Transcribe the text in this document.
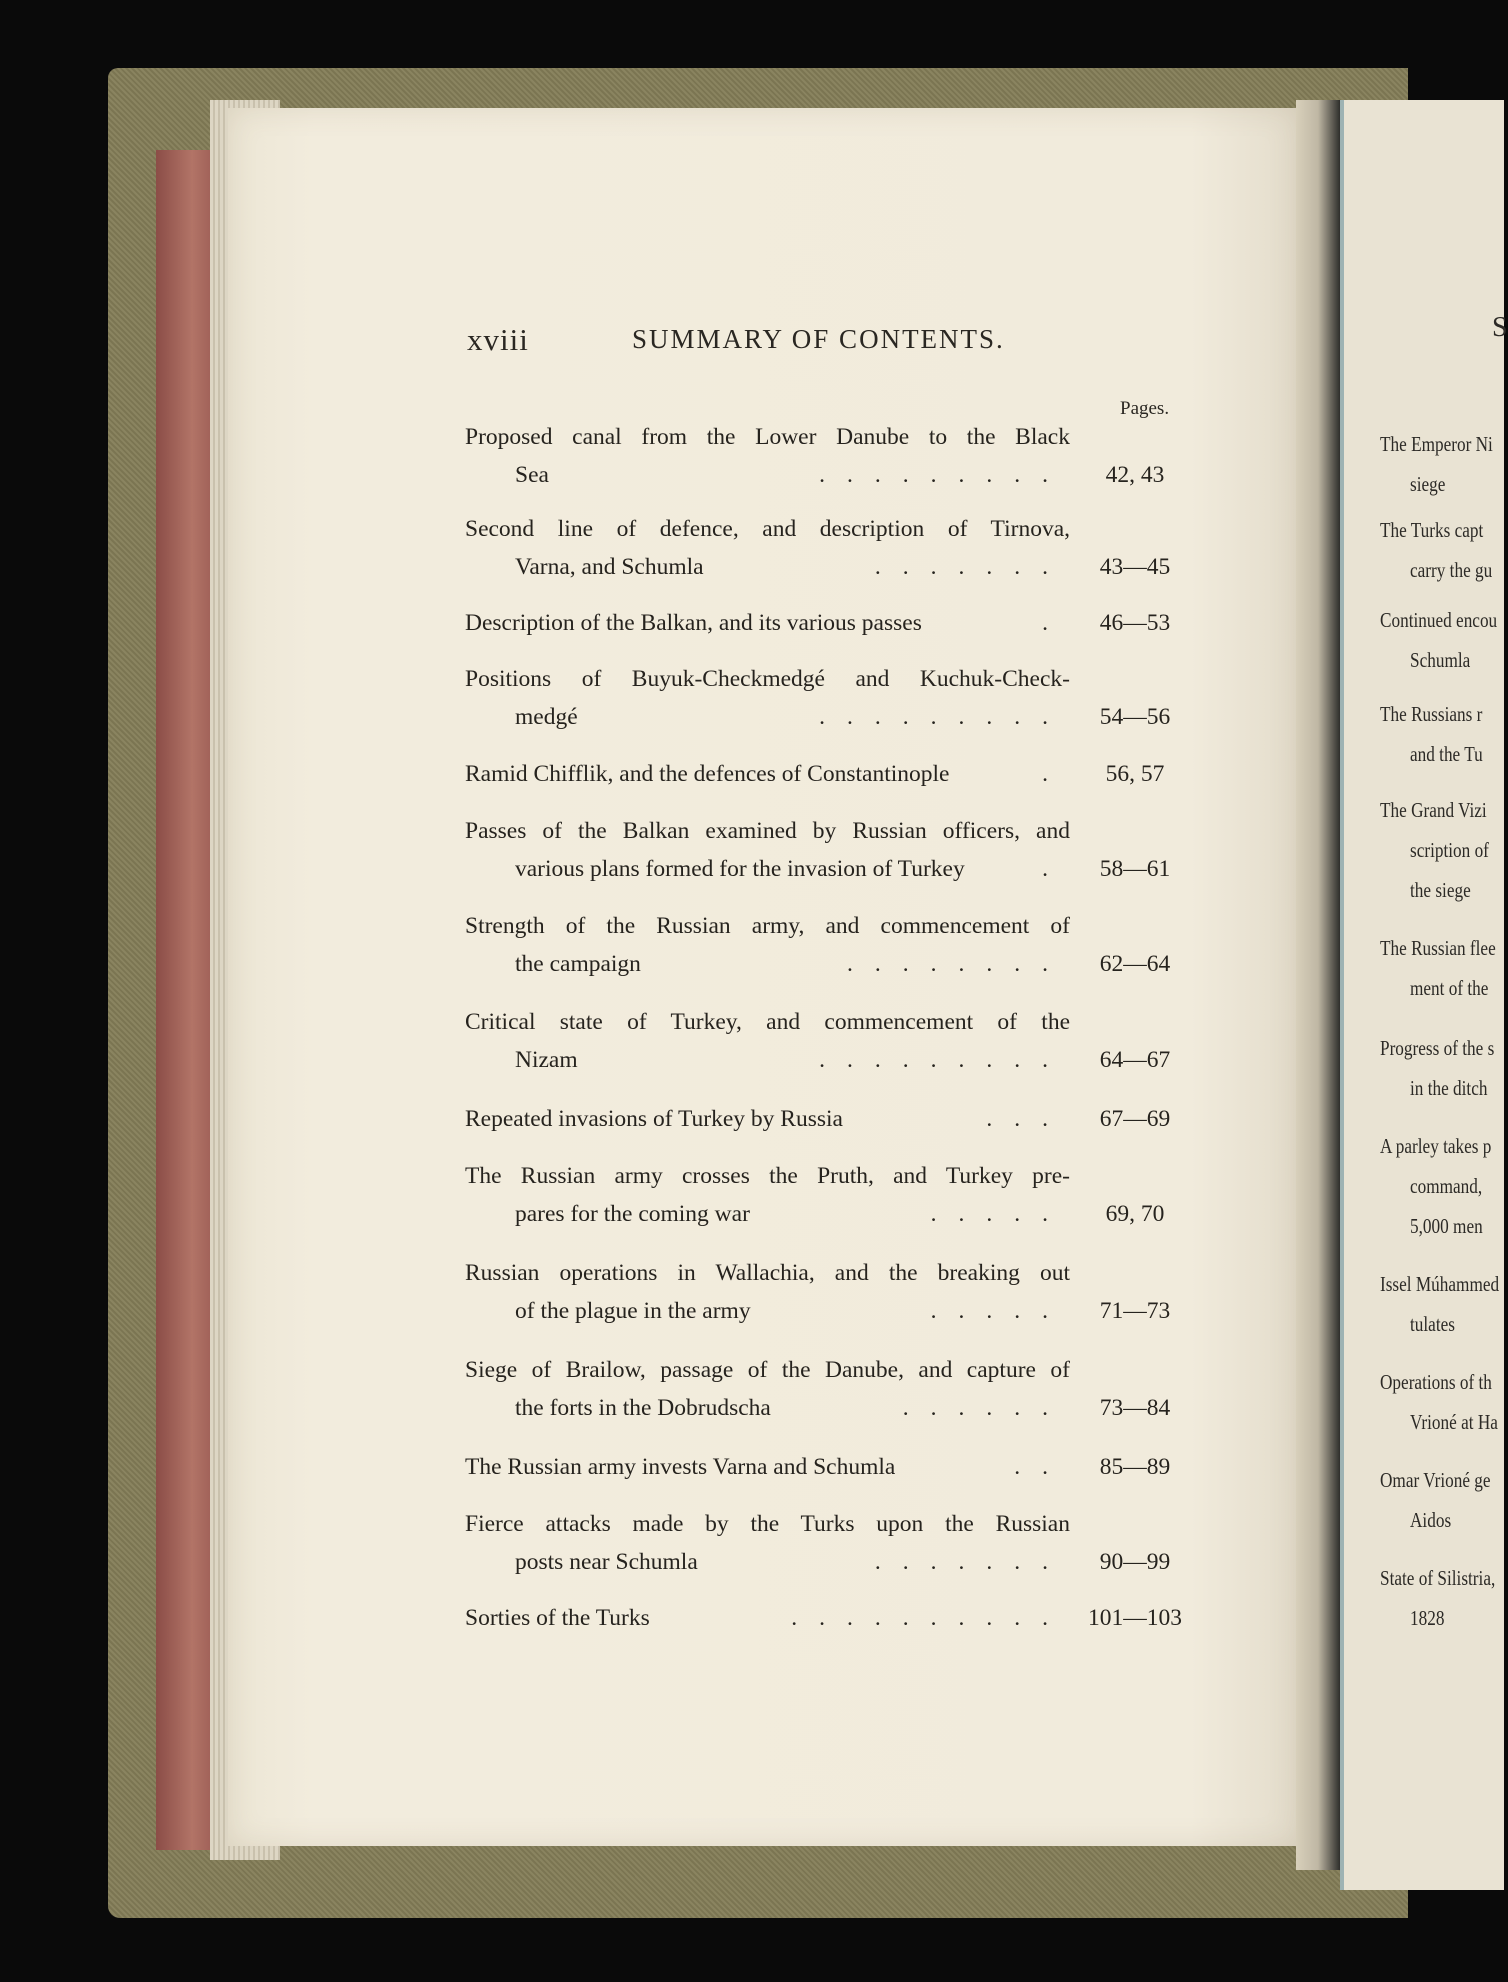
S
The Emperor Ni
siege
The Turks capt
carry the gu
Continued encou
Schumla
The Russians r
and the Tu
The Grand Vizi
scription of
the siege
The Russian flee
ment of the
Progress of the s
in the ditch
A parley takes p
command,
5,000 men
Issel Múhammed
tulates
Operations of th
Vrioné at Ha
Omar Vrioné ge
Aidos
State of Silistria,
1828
xviii	SUMMARY OF CONTENTS.
Pages.
Proposed canal from the Lower Danube to the Black
Sea	.........	42, 43
Second line of defence, and description of Tirnova,
Varna, and Schumla	.......	43—45
Description of the Balkan, and its various passes	.	46—53
Positions of Buyuk-Checkmedgé and Kuchuk-Check-
medgé	.........	54—56
Ramid Chifflik, and the defences of Constantinople	.	56, 57
Passes of the Balkan examined by Russian officers, and
various plans formed for the invasion of Turkey	.	58—61
Strength of the Russian army, and commencement of
the campaign	........	62—64
Critical state of Turkey, and commencement of the
Nizam	.........	64—67
Repeated invasions of Turkey by Russia	...	67—69
The Russian army crosses the Pruth, and Turkey pre-
pares for the coming war	.....	69, 70
Russian operations in Wallachia, and the breaking out
of the plague in the army	.....	71—73
Siege of Brailow, passage of the Danube, and capture of
the forts in the Dobrudscha	......	73—84
The Russian army invests Varna and Schumla	..	85—89
Fierce attacks made by the Turks upon the Russian
posts near Schumla	.......	90—99
Sorties of the Turks	.......... 101—103
